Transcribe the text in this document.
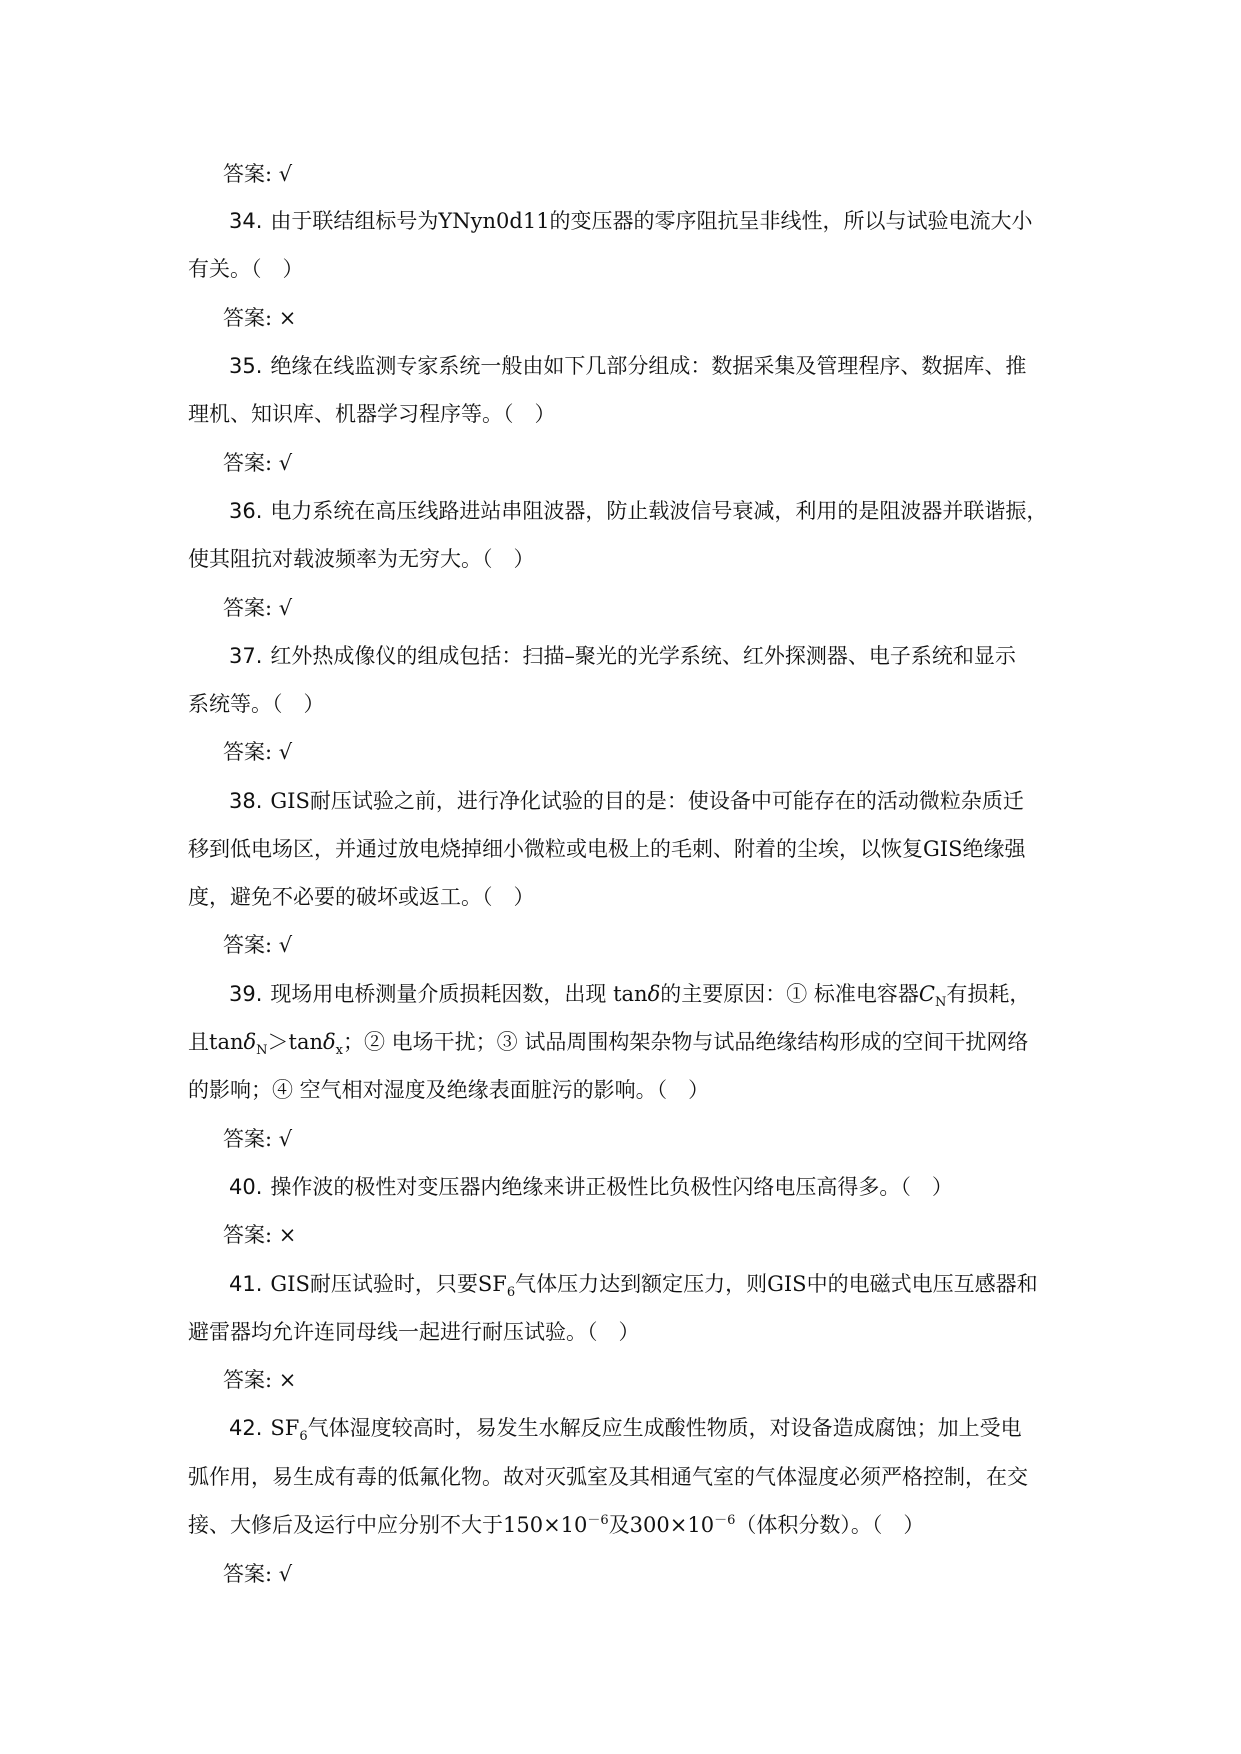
答案: √
34. 由于联结组标号为YNyn0d11的变压器的零序阻抗呈非线性，所以与试验电流大小
有关。（　）
答案: ×
35. 绝缘在线监测专家系统一般由如下几部分组成：数据采集及管理程序、数据库、推
理机、知识库、机器学习程序等。（　）
答案: √
36. 电力系统在高压线路进站串阻波器，防止载波信号衰减，利用的是阻波器并联谐振，
使其阻抗对载波频率为无穷大。（　）
答案: √
37. 红外热成像仪的组成包括：扫描–聚光的光学系统、红外探测器、电子系统和显示
系统等。（　）
答案: √
38. GIS耐压试验之前，进行净化试验的目的是：使设备中可能存在的活动微粒杂质迁
移到低电场区，并通过放电烧掉细小微粒或电极上的毛刺、附着的尘埃，以恢复GIS绝缘强
度，避免不必要的破坏或返工。（　）
答案: √
39. 现场用电桥测量介质损耗因数，出现 tanδ的主要原因：① 标准电容器$C_N$有损耗，
且tanδ$_N$＞tanδ$_x$；② 电场干扰；③ 试品周围构架杂物与试品绝缘结构形成的空间干扰网络
的影响；④ 空气相对湿度及绝缘表面脏污的影响。（　）
答案: √
40. 操作波的极性对变压器内绝缘来讲正极性比负极性闪络电压高得多。（　）
答案: ×
41. GIS耐压试验时，只要$SF_6$气体压力达到额定压力，则GIS中的电磁式电压互感器和
避雷器均允许连同母线一起进行耐压试验。（　）
答案: ×
42. $SF_6$气体湿度较高时，易发生水解反应生成酸性物质，对设备造成腐蚀；加上受电
弧作用，易生成有毒的低氟化物。故对灭弧室及其相通气室的气体湿度必须严格控制，在交
接、大修后及运行中应分别不大于$150\times 10^{-6}$及$300\times 10^{-6}$（体积分数）。（　）
答案: √
